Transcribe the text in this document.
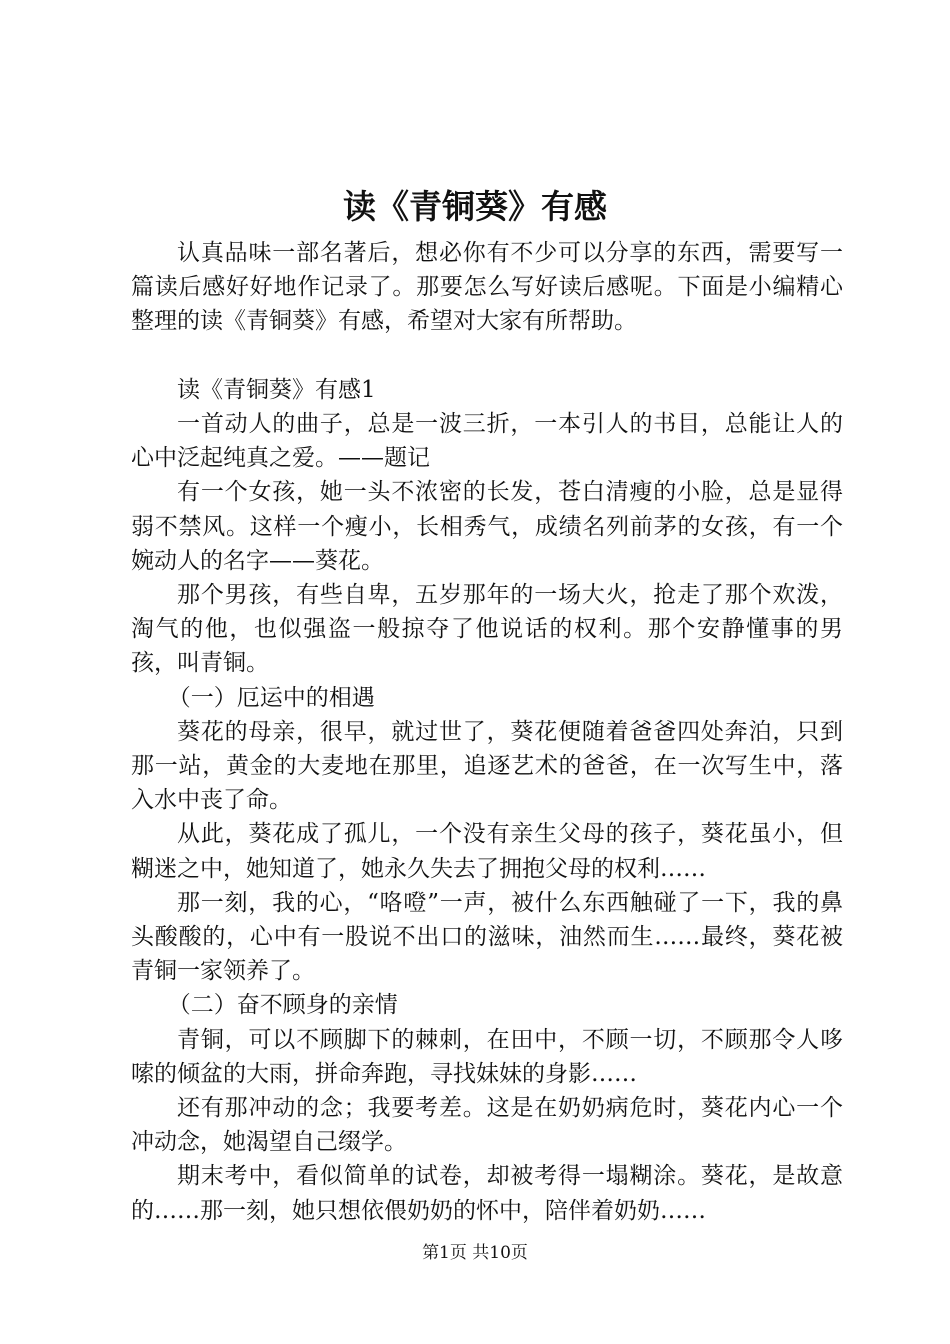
读《青铜葵》有感

认真品味一部名著后，想必你有不少可以分享的东西，需要写一篇读后感好好地作记录了。那要怎么写好读后感呢。下面是小编精心整理的读《青铜葵》有感，希望对大家有所帮助。

读《青铜葵》有感1

一首动人的曲子，总是一波三折，一本引人的书目，总能让人的心中泛起纯真之爱。——题记

有一个女孩，她一头不浓密的长发，苍白清瘦的小脸，总是显得弱不禁风。这样一个瘦小，长相秀气，成绩名列前茅的女孩，有一个婉动人的名字——葵花。

那个男孩，有些自卑，五岁那年的一场大火，抢走了那个欢泼，淘气的他，也似强盗一般掠夺了他说话的权利。那个安静懂事的男孩，叫青铜。

（一）厄运中的相遇

葵花的母亲，很早，就过世了，葵花便随着爸爸四处奔泊，只到那一站，黄金的大麦地在那里，追逐艺术的爸爸，在一次写生中，落入水中丧了命。

从此，葵花成了孤儿，一个没有亲生父母的孩子，葵花虽小，但糊迷之中，她知道了，她永久失去了拥抱父母的权利……

那一刻，我的心，“咯噔”一声，被什么东西触碰了一下，我的鼻头酸酸的，心中有一股说不出口的滋味，油然而生……最终，葵花被青铜一家领养了。

（二）奋不顾身的亲情

青铜，可以不顾脚下的棘刺，在田中，不顾一切，不顾那令人哆嗦的倾盆的大雨，拼命奔跑，寻找妹妹的身影……

还有那冲动的念；我要考差。这是在奶奶病危时，葵花内心一个冲动念，她渴望自己缀学。

期末考中，看似简单的试卷，却被考得一塌糊涂。葵花，是故意的……那一刻，她只想依偎奶奶的怀中，陪伴着奶奶……

第1页 共10页
